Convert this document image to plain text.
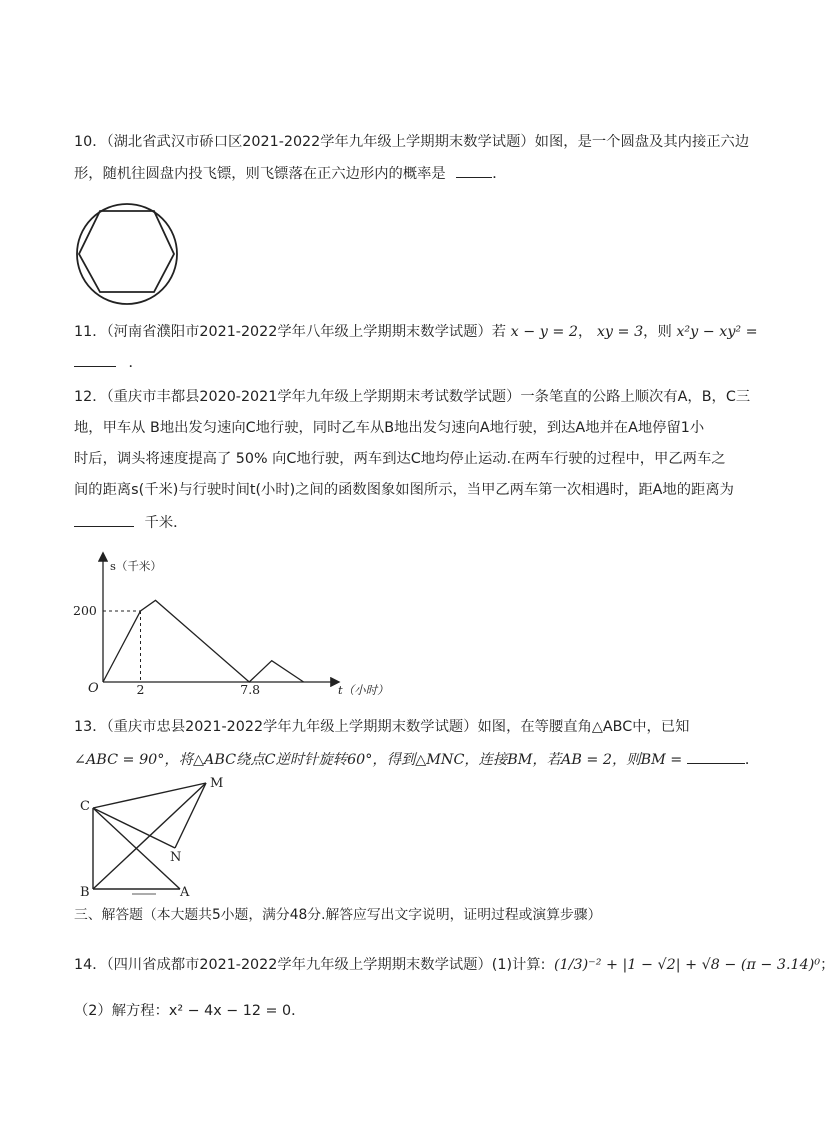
10．（湖北省武汉市硚口区2021-2022学年九年级上学期期末数学试题）如图，是一个圆盘及其内接正六边
形，随机往圆盘内投飞镖，则飞镖落在正六边形内的概率是	．
11．（河南省濮阳市2021-2022学年八年级上学期期末数学试题）若 x − y = 2， xy = 3，则 x²y − xy² =
．
12．（重庆市丰都县2020-2021学年九年级上学期期末考试数学试题）一条笔直的公路上顺次有A，B，C三
地，甲车从 B地出发匀速向C地行驶，同时乙车从B地出发匀速向A地行驶，到达A地并在A地停留1小
时后，调头将速度提高了 50% 向C地行驶，两车到达C地均停止运动.在两车行驶的过程中，甲乙两车之
间的距离s(千米)与行驶时间t(小时)之间的函数图象如图所示，当甲乙两车第一次相遇时，距A地的距离为
千米．
s（千米）
t（小时）
O	2	7.8
200
13．（重庆市忠县2021-2022学年九年级上学期期末数学试题）如图，在等腰直角△ABC中，已知
∠ABC = 90°，将△ABC绕点C逆时针旋转60°，得到△MNC，连接BM，若AB = 2，则BM =	．
C
M
N
B	A
三、解答题（本大题共5小题，满分48分.解答应写出文字说明，证明过程或演算步骤）
14．（四川省成都市2021-2022学年九年级上学期期末数学试题）(1)计算: (1/3)⁻² + |1 − √2| + √8 − (π − 3.14)⁰；
（2）解方程：x² − 4x − 12 = 0．
